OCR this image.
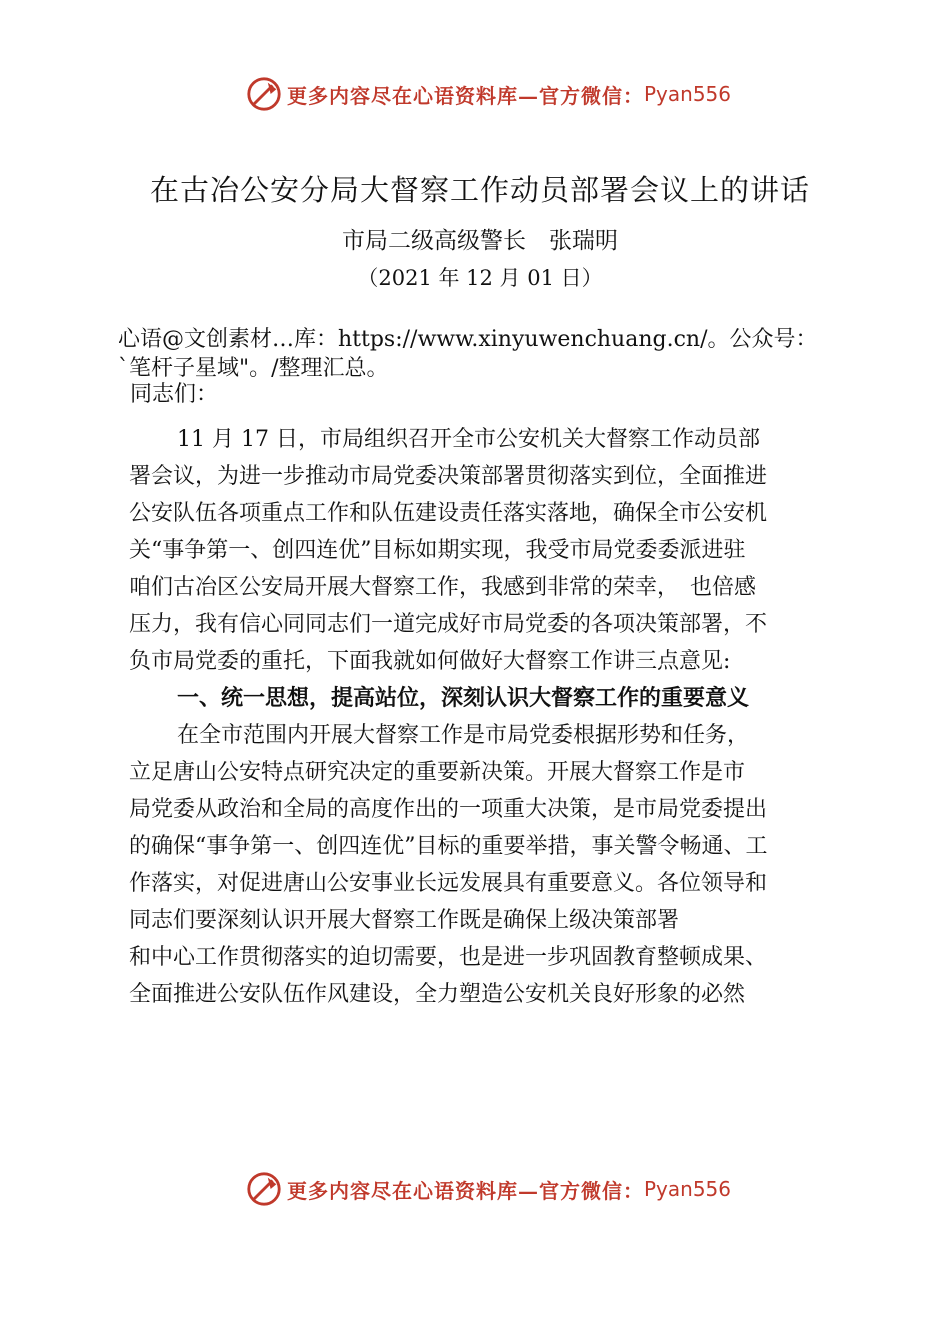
更多内容尽在心语资料库—官方微信： Pyan556
在古冶公安分局大督察工作动员部署会议上的讲话
市局二级高级警长　张瑞明
（2021 年 12 月 01 日）
心语@文创素材…库：https://www.xinyuwenchuang.cn/。公众号：
`笔杆子星域"。/整理汇总。
同志们：
11 月 17 日，市局组织召开全市公安机关大督察工作动员部
署会议，为进一步推动市局党委决策部署贯彻落实到位，全面推进
公安队伍各项重点工作和队伍建设责任落实落地，确保全市公安机
关“事争第一、创四连优”目标如期实现，我受市局党委委派进驻
咱们古冶区公安局开展大督察工作，我感到非常的荣幸，　也倍感
压力，我有信心同同志们一道完成好市局党委的各项决策部署，不
负市局党委的重托，下面我就如何做好大督察工作讲三点意见:
一、统一思想，提高站位，深刻认识大督察工作的重要意义
在全市范围内开展大督察工作是市局党委根据形势和任务，
立足唐山公安特点研究决定的重要新决策。开展大督察工作是市
局党委从政治和全局的高度作出的一项重大决策，是市局党委提出
的确保“事争第一、创四连优”目标的重要举措，事关警令畅通、工
作落实，对促进唐山公安事业长远发展具有重要意义。各位领导和
同志们要深刻认识开展大督察工作既是确保上级决策部署
和中心工作贯彻落实的迫切需要，也是进一步巩固教育整顿成果、
全面推进公安队伍作风建设，全力塑造公安机关良好形象的必然
更多内容尽在心语资料库—官方微信： Pyan556
